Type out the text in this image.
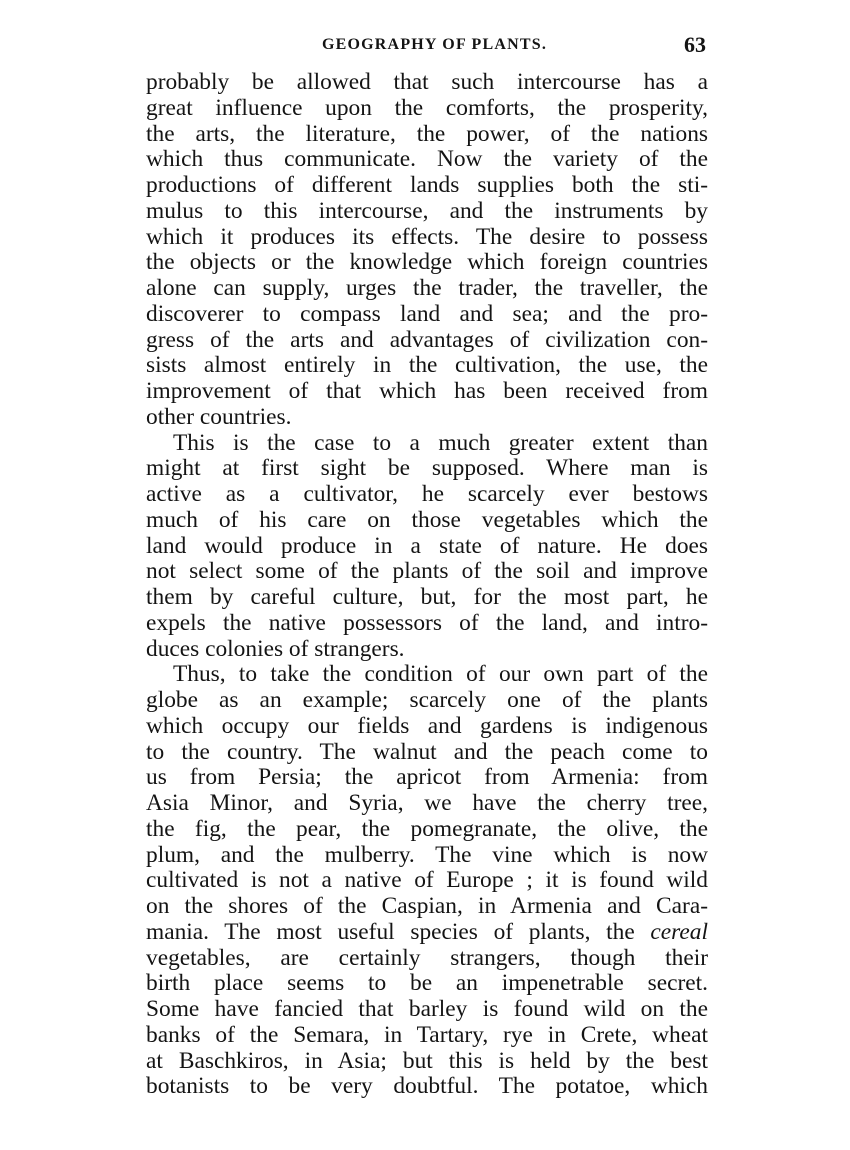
GEOGRAPHY OF PLANTS.	63
probably be allowed that such intercourse has a
great influence upon the comforts, the prosperity,
the arts, the literature, the power, of the nations
which thus communicate. Now the variety of the
productions of different lands supplies both the sti-
mulus to this intercourse, and the instruments by
which it produces its effects. The desire to possess
the objects or the knowledge which foreign countries
alone can supply, urges the trader, the traveller, the
discoverer to compass land and sea; and the pro-
gress of the arts and advantages of civilization con-
sists almost entirely in the cultivation, the use, the
improvement of that which has been received from
other countries.
This is the case to a much greater extent than
might at first sight be supposed. Where man is
active as a cultivator, he scarcely ever bestows
much of his care on those vegetables which the
land would produce in a state of nature. He does
not select some of the plants of the soil and improve
them by careful culture, but, for the most part, he
expels the native possessors of the land, and intro-
duces colonies of strangers.
Thus, to take the condition of our own part of the
globe as an example; scarcely one of the plants
which occupy our fields and gardens is indigenous
to the country. The walnut and the peach come to
us from Persia; the apricot from Armenia: from
Asia Minor, and Syria, we have the cherry tree,
the fig, the pear, the pomegranate, the olive, the
plum, and the mulberry. The vine which is now
cultivated is not a native of Europe ; it is found wild
on the shores of the Caspian, in Armenia and Cara-
mania. The most useful species of plants, the cereal
vegetables, are certainly strangers, though their
birth place seems to be an impenetrable secret.
Some have fancied that barley is found wild on the
banks of the Semara, in Tartary, rye in Crete, wheat
at Baschkiros, in Asia; but this is held by the best
botanists to be very doubtful. The potatoe, which
